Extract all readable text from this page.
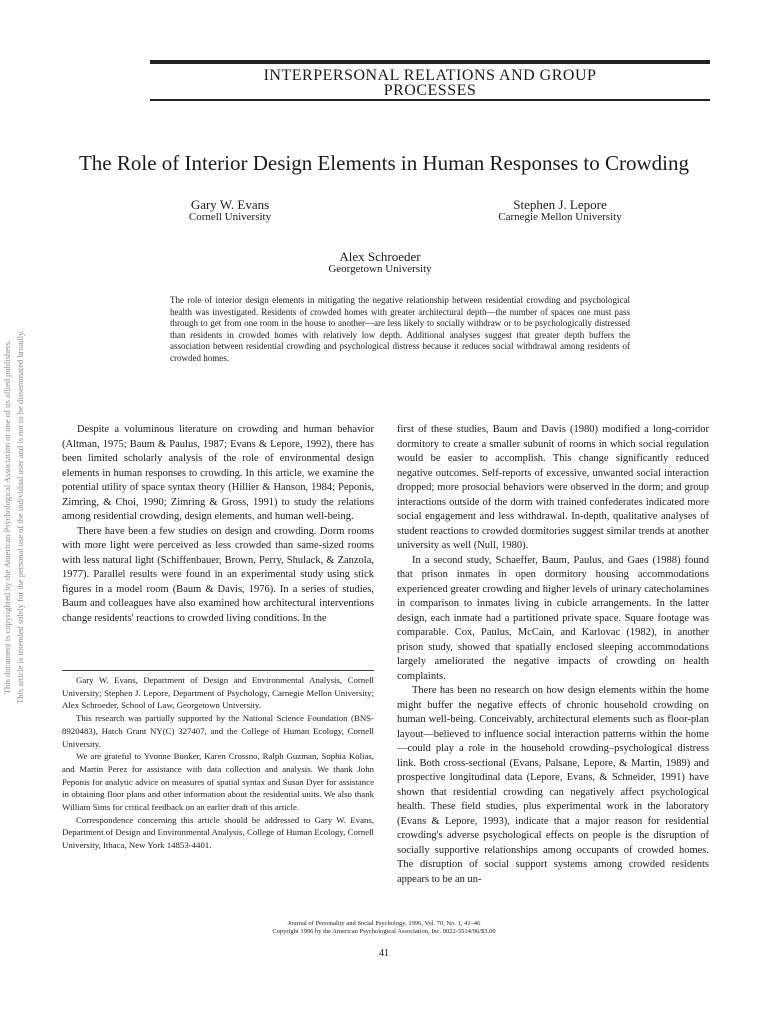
This document is copyrighted by the American Psychological Association or one of its allied publishers. This article is intended solely for the personal use of the individual user and is not to be disseminated broadly.
INTERPERSONAL RELATIONS AND GROUP
PROCESSES
The Role of Interior Design Elements in Human Responses to Crowding
Gary W. Evans
Cornell University
Stephen J. Lepore
Carnegie Mellon University
Alex Schroeder
Georgetown University
The role of interior design elements in mitigating the negative relationship between residential crowding and psychological health was investigated. Residents of crowded homes with greater architectural depth—the number of spaces one must pass through to get from one room in the house to another—are less likely to socially withdraw or to be psychologically distressed than residents in crowded homes with relatively low depth. Additional analyses suggest that greater depth buffers the association between residential crowding and psychological distress because it reduces social withdrawal among residents of crowded homes.

Despite a voluminous literature on crowding and human behavior (Altman, 1975; Baum & Paulus, 1987; Evans & Lepore, 1992), there has been limited scholarly analysis of the role of environmental design elements in human responses to crowding. In this article, we examine the potential utility of space syntax theory (Hillier & Hanson, 1984; Peponis, Zimring, & Choi, 1990; Zimring & Gross, 1991) to study the relations among residential crowding, design elements, and human well-being.

There have been a few studies on design and crowding. Dorm rooms with more light were perceived as less crowded than same-sized rooms with less natural light (Schiffenbauer, Brown, Perry, Shulack, & Zanzola, 1977). Parallel results were found in an experimental study using stick figures in a model room (Baum & Davis, 1976). In a series of studies, Baum and colleagues have also examined how architectural interventions change residents' reactions to crowded living conditions. In the

Gary W. Evans, Department of Design and Environmental Analysis, Cornell University; Stephen J. Lepore, Department of Psychology, Carnegie Mellon University; Alex Schroeder, School of Law, Georgetown University.

This research was partially supported by the National Science Foundation (BNS-8920483), Hatch Grant NY(C) 327407, and the College of Human Ecology, Cornell University.

We are grateful to Yvonne Bunker, Karen Crossno, Ralph Guzman, Sophia Kolias, and Martin Perez for assistance with data collection and analysis. We thank John Peponis for analytic advice on measures of spatial syntax and Susan Dyer for assistance in obtaining floor plans and other information about the residential units. We also thank William Sims for critical feedback on an earlier draft of this article.

Correspondence concerning this article should be addressed to Gary W. Evans, Department of Design and Environmental Analysis, College of Human Ecology, Cornell University, Ithaca, New York 14853-4401.

first of these studies, Baum and Davis (1980) modified a long-corridor dormitory to create a smaller subunit of rooms in which social regulation would be easier to accomplish. This change significantly reduced negative outcomes. Self-reports of excessive, unwanted social interaction dropped; more prosocial behaviors were observed in the dorm; and group interactions outside of the dorm with trained confederates indicated more social engagement and less withdrawal. In-depth, qualitative analyses of student reactions to crowded dormitories suggest similar trends at another university as well (Null, 1980).

In a second study, Schaeffer, Baum, Paulus, and Gaes (1988) found that prison inmates in open dormitory housing accommodations experienced greater crowding and higher levels of urinary catecholamines in comparison to inmates living in cubicle arrangements. In the latter design, each inmate had a partitioned private space. Square footage was comparable. Cox, Paulus, McCain, and Karlovac (1982), in another prison study, showed that spatially enclosed sleeping accommodations largely ameliorated the negative impacts of crowding on health complaints.

There has been no research on how design elements within the home might buffer the negative effects of chronic household crowding on human well-being. Conceivably, architectural elements such as floor-plan layout—believed to influence social interaction patterns within the home—could play a role in the household crowding–psychological distress link. Both cross-sectional (Evans, Palsane, Lepore, & Martin, 1989) and prospective longitudinal data (Lepore, Evans, & Schneider, 1991) have shown that residential crowding can negatively affect psychological health. These field studies, plus experimental work in the laboratory (Evans & Lepore, 1993), indicate that a major reason for residential crowding's adverse psychological effects on people is the disruption of socially supportive relationships among occupants of crowded homes. The disruption of social support systems among crowded residents appears to be an un-

Journal of Personality and Social Psychology, 1996, Vol. 70, No. 1, 41–46
Copyright 1996 by the American Psychological Association, Inc. 0022-3514/96/$3.00
41
